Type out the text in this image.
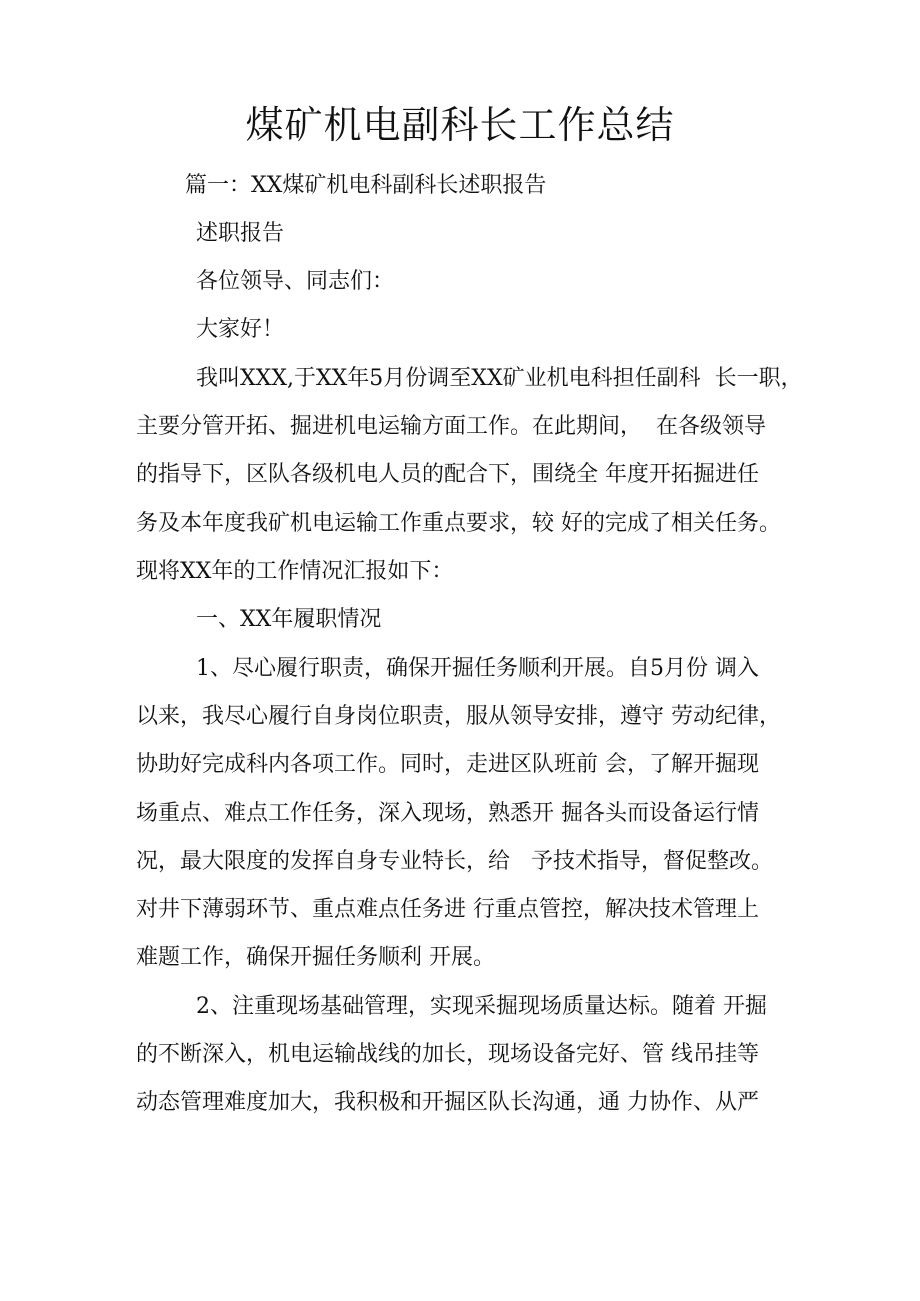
煤矿机电副科长工作总结
篇一：XX煤矿机电科副科长述职报告
述职报告
各位领导、同志们：
大家好！
我叫XXX,于XX年5月份调至XX矿业机电科担任副科  长一职，
主要分管开拓、掘进机电运输方面工作。在此期间，  在各级领导
的指导下，区队各级机电人员的配合下，围绕全 年度开拓掘进任
务及本年度我矿机电运输工作重点要求，较 好的完成了相关任务。
现将XX年的工作情况汇报如下：
一、XX年履职情况
1、尽心履行职责，确保开掘任务顺利开展。自5月份 调入
以来，我尽心履行自身岗位职责，服从领导安排，遵守 劳动纪律，
协助好完成科内各项工作。同时，走进区队班前 会，了解开掘现
场重点、难点工作任务，深入现场，熟悉开 掘各头而设备运行情
况，最大限度的发挥自身专业特长，给   予技术指导，督促整改。
对井下薄弱环节、重点难点任务进 行重点管控，解决技术管理上
难题工作，确保开掘任务顺利 开展。
2、注重现场基础管理，实现采掘现场质量达标。随着 开掘
的不断深入，机电运输战线的加长，现场设备完好、管 线吊挂等
动态管理难度加大，我积极和开掘区队长沟通，通 力协作、从严
